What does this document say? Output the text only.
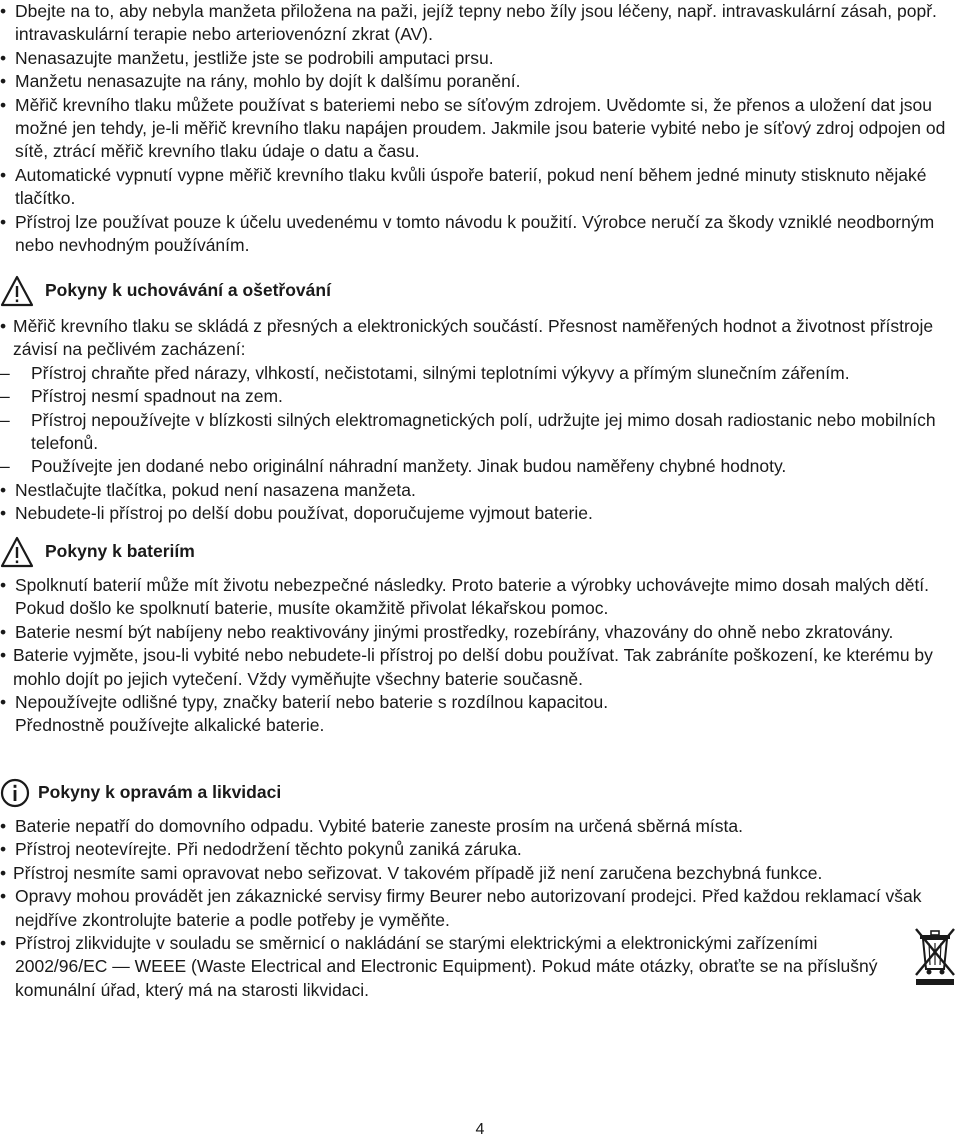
• Dbejte na to, aby nebyla manžeta přiložena na paži, jejíž tepny nebo žíly jsou léčeny, např. intravaskulární zásah, popř. intravaskulární terapie nebo arteriovenózní zkrat (AV).
• Nenasazujte manžetu, jestliže jste se podrobili amputaci prsu.
• Manžetu nenasazujte na rány, mohlo by dojít k dalšímu poranění.
• Měřič krevního tlaku můžete používat s bateriemi nebo se síťovým zdrojem. Uvědomte si, že přenos a uložení dat jsou možné jen tehdy, je-li měřič krevního tlaku napájen proudem. Jakmile jsou baterie vybité nebo je síťový zdroj odpojen od sítě, ztrácí měřič krevního tlaku údaje o datu a času.
• Automatické vypnutí vypne měřič krevního tlaku kvůli úspoře baterií, pokud není během jedné minuty stisknuto nějaké tlačítko.
• Přístroj lze používat pouze k účelu uvedenému v tomto návodu k použití. Výrobce neručí za škody vzniklé neodborným nebo nevhodným používáním.
Pokyny k uchovávání a ošetřování
• Měřič krevního tlaku se skládá z přesných a elektronických součástí. Přesnost naměřených hodnot a životnost přístroje závisí na pečlivém zacházení:
– Přístroj chraňte před nárazy, vlhkostí, nečistotami, silnými teplotními výkyvy a přímým slunečním zářením.
– Přístroj nesmí spadnout na zem.
– Přístroj nepoužívejte v blízkosti silných elektromagnetických polí, udržujte jej mimo dosah radiostanic nebo mobilních telefonů.
– Používejte jen dodané nebo originální náhradní manžety. Jinak budou naměřeny chybné hodnoty.
• Nestlačujte tlačítka, pokud není nasazena manžeta.
• Nebudete-li přístroj po delší dobu používat, doporučujeme vyjmout baterie.
Pokyny k bateriím
• Spolknutí baterií může mít životu nebezpečné následky. Proto baterie a výrobky uchovávejte mimo dosah malých dětí. Pokud došlo ke spolknutí baterie, musíte okamžitě přivolat lékařskou pomoc.
• Baterie nesmí být nabíjeny nebo reaktivovány jinými prostředky, rozebírány, vhazovány do ohně nebo zkratovány.
• Baterie vyjměte, jsou-li vybité nebo nebudete-li přístroj po delší dobu používat. Tak zabráníte poškození, ke kterému by mohlo dojít po jejich vytečení. Vždy vyměňujte všechny baterie současně.
• Nepoužívejte odlišné typy, značky baterií nebo baterie s rozdílnou kapacitou.
Přednostně používejte alkalické baterie.
Pokyny k opravám a likvidaci
• Baterie nepatří do domovního odpadu. Vybité baterie zaneste prosím na určená sběrná místa.
• Přístroj neotevírejte. Při nedodržení těchto pokynů zaniká záruka.
• Přístroj nesmíte sami opravovat nebo seřizovat. V takovém případě již není zaručena bezchybná funkce.
• Opravy mohou provádět jen zákaznické servisy firmy Beurer nebo autorizovaní prodejci. Před každou reklamací však nejdříve zkontrolujte baterie a podle potřeby je vyměňte.
• Přístroj zlikvidujte v souladu se směrnicí o nakládání se starými elektrickými a elektronickými zařízeními 2002/96/EC — WEEE (Waste Electrical and Electronic Equipment). Pokud máte otázky, obraťte se na příslušný komunální úřad, který má na starosti likvidaci.
4
